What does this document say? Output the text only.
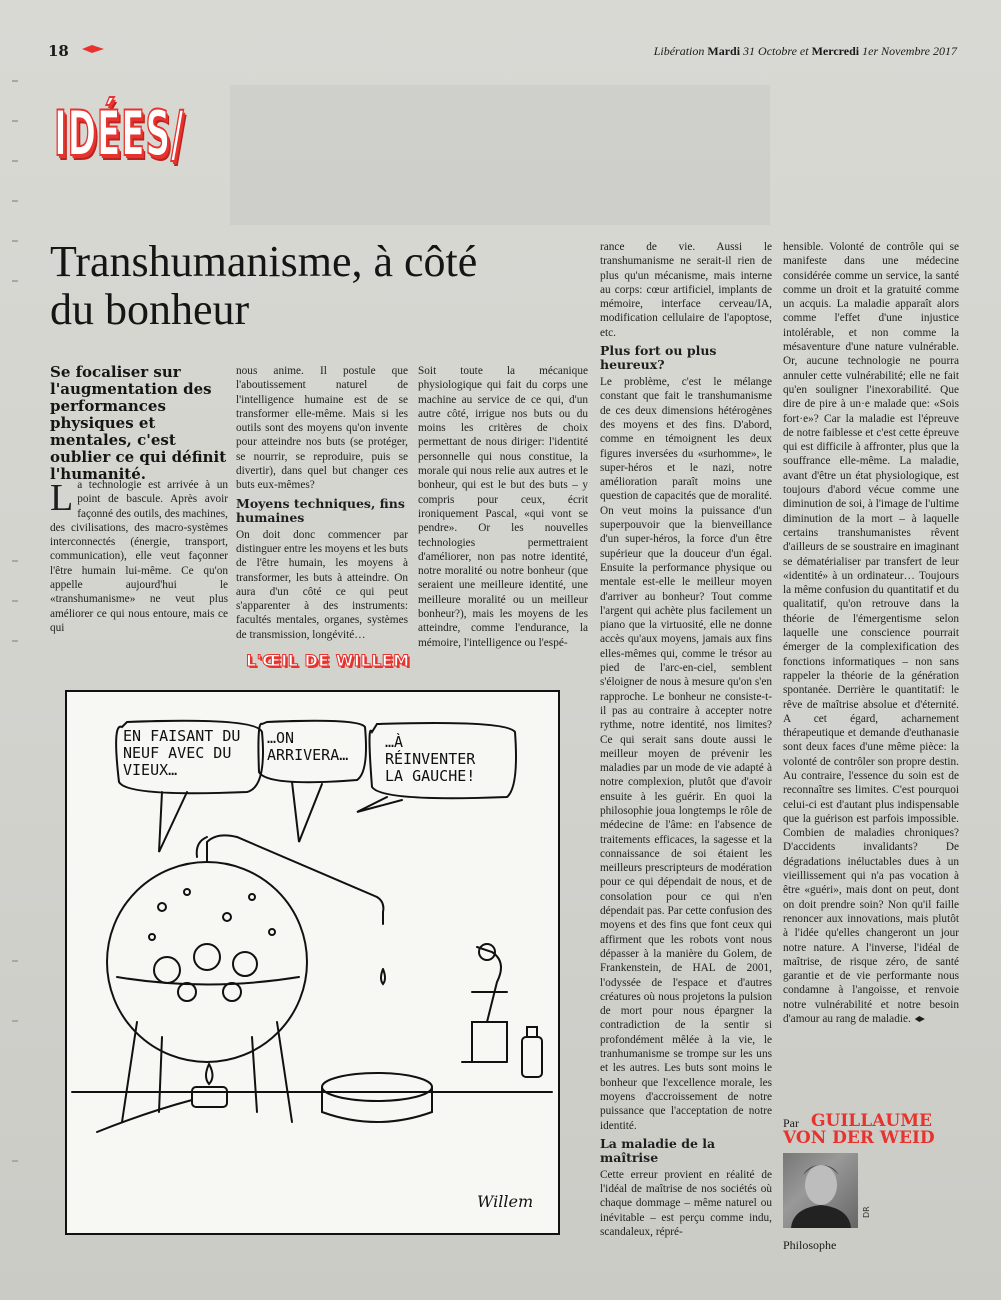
18	Libération Mardi 31 Octobre et Mercredi 1er Novembre 2017
IDÉES/
Transhumanisme, à côté du bonheur
Se focaliser sur l'augmentation des performances physiques et mentales, c'est oublier ce qui définit l'humanité.
L a technologie est arrivée à un point de bascule. Après avoir façonné des outils, des machines, des civilisations, des macro-systèmes interconnectés (énergie, transport, communication), elle veut façonner l'être humain lui-même. Ce qu'on appelle aujourd'hui le «transhumanisme» ne veut plus améliorer ce qui nous entoure, mais ce qui

nous anime. Il postule que l'aboutissement naturel de l'intelligence humaine est de se transformer elle-même. Mais si les outils sont des moyens qu'on invente pour atteindre nos buts (se protéger, se nourrir, se reproduire, puis se divertir), dans quel but changer ces buts eux-mêmes?

Moyens techniques, fins humaines

On doit donc commencer par distinguer entre les moyens et les buts de l'être humain, les moyens à transformer, les buts à atteindre. On aura d'un côté ce qui peut s'apparenter à des instruments: facultés mentales, organes, systèmes de transmission, longévité…

Soit toute la mécanique physiologique qui fait du corps une machine au service de ce qui, d'un autre côté, irrigue nos buts ou du moins les critères de choix permettant de nous diriger: l'identité personnelle qui nous constitue, la morale qui nous relie aux autres et le bonheur, qui est le but des buts – y compris pour ceux, écrit ironiquement Pascal, «qui vont se pendre». Or les nouvelles technologies permettraient d'améliorer, non pas notre identité, notre moralité ou notre bonheur (que seraient une meilleure identité, une meilleure moralité ou un meilleur bonheur?), mais les moyens de les atteindre, comme l'endurance, la mémoire, l'intelligence ou l'espé-

rance de vie. Aussi le transhumanisme ne serait-il rien de plus qu'un mécanisme, mais interne au corps: cœur artificiel, implants de mémoire, interface cerveau/IA, modification cellulaire de l'apoptose, etc.

Plus fort ou plus heureux?

Le problème, c'est le mélange constant que fait le transhumanisme de ces deux dimensions hétérogènes des moyens et des fins. D'abord, comme en témoignent les deux figures inversées du «surhomme», le super-héros et le nazi, notre amélioration paraît moins une question de capacités que de moralité. On veut moins la puissance d'un superpouvoir que la bienveillance d'un super-héros, la force d'un être supérieur que la douceur d'un égal. Ensuite la performance physique ou mentale est-elle le meilleur moyen d'arriver au bonheur? Tout comme l'argent qui achète plus facilement un piano que la virtuosité, elle ne donne accès qu'aux moyens, jamais aux fins elles-mêmes qui, comme le trésor au pied de l'arc-en-ciel, semblent s'éloigner de nous à mesure qu'on s'en rapproche. Le bonheur ne consiste-t-il pas au contraire à accepter notre rythme, notre identité, nos limites? Ce qui serait sans doute aussi le meilleur moyen de prévenir les maladies par un mode de vie adapté à notre complexion, plutôt que d'avoir ensuite à les guérir. En quoi la philosophie joua longtemps le rôle de médecine de l'âme: en l'absence de traitements efficaces, la sagesse et la connaissance de soi étaient les meilleurs prescripteurs de modération pour ce qui dépendait de nous, et de consolation pour ce qui n'en dépendait pas. Par cette confusion des moyens et des fins que font ceux qui affirment que les robots vont nous dépasser à la manière du Golem, de Frankenstein, de HAL de 2001, l'odyssée de l'espace et d'autres créatures où nous projetons la pulsion de mort pour nous épargner la contradiction de la sentir si profondément mêlée à la vie, le tranhumanisme se trompe sur les uns et les autres. Les buts sont moins le bonheur que l'excellence morale, les moyens d'accroissement de notre puissance que l'acceptation de notre identité.

La maladie de la maîtrise

Cette erreur provient en réalité de l'idéal de maîtrise de nos sociétés où chaque dommage – même naturel ou inévitable – est perçu comme indu, scandaleux, répré-

hensible. Volonté de contrôle qui se manifeste dans une médecine considérée comme un service, la santé comme un droit et la gratuité comme un acquis. La maladie apparaît alors comme l'effet d'une injustice intolérable, et non comme la mésaventure d'une nature vulnérable. Or, aucune technologie ne pourra annuler cette vulnérabilité; elle ne fait qu'en souligner l'inexorabilité. Que dire de pire à un·e malade que: «Sois fort·e»? Car la maladie est l'épreuve de notre faiblesse et c'est cette épreuve qui est difficile à affronter, plus que la souffrance elle-même. La maladie, avant d'être un état physiologique, est toujours d'abord vécue comme une diminution de soi, à l'image de l'ultime diminution de la mort – à laquelle certains transhumanistes rêvent d'ailleurs de se soustraire en imaginant se dématérialiser par transfert de leur «identité» à un ordinateur… Toujours la même confusion du quantitatif et du qualitatif, qu'on retrouve dans la théorie de l'émergentisme selon laquelle une conscience pourrait émerger de la complexification des fonctions informatiques – non sans rappeler la théorie de la génération spontanée. Derrière le quantitatif: le rêve de maîtrise absolue et d'éternité. A cet égard, acharnement thérapeutique et demande d'euthanasie sont deux faces d'une même pièce: la volonté de contrôler son propre destin. Au contraire, l'essence du soin est de reconnaître ses limites. C'est pourquoi celui-ci est d'autant plus indispensable que la guérison est parfois impossible. Combien de maladies chroniques? D'accidents invalidants? De dégradations inéluctables dues à un vieillissement qui n'a pas vocation à être «guéri», mais dont on peut, dont on doit prendre soin? Non qu'il faille renoncer aux innovations, mais plutôt à l'idée qu'elles changeront un jour notre nature. A l'inverse, l'idéal de maîtrise, de risque zéro, de santé garantie et de vie performante nous condamne à l'angoisse, et renvoie notre vulnérabilité et notre besoin d'amour au rang de maladie.

L'ŒIL DE WILLEM
EN FAISANT DU
NEUF AVEC DU
VIEUX…
…ON
ARRIVERA…
…À
RÉINVENTER
LA GAUCHE!
Willem
Par GUILLAUME VON DER WEID
DR
Philosophe
